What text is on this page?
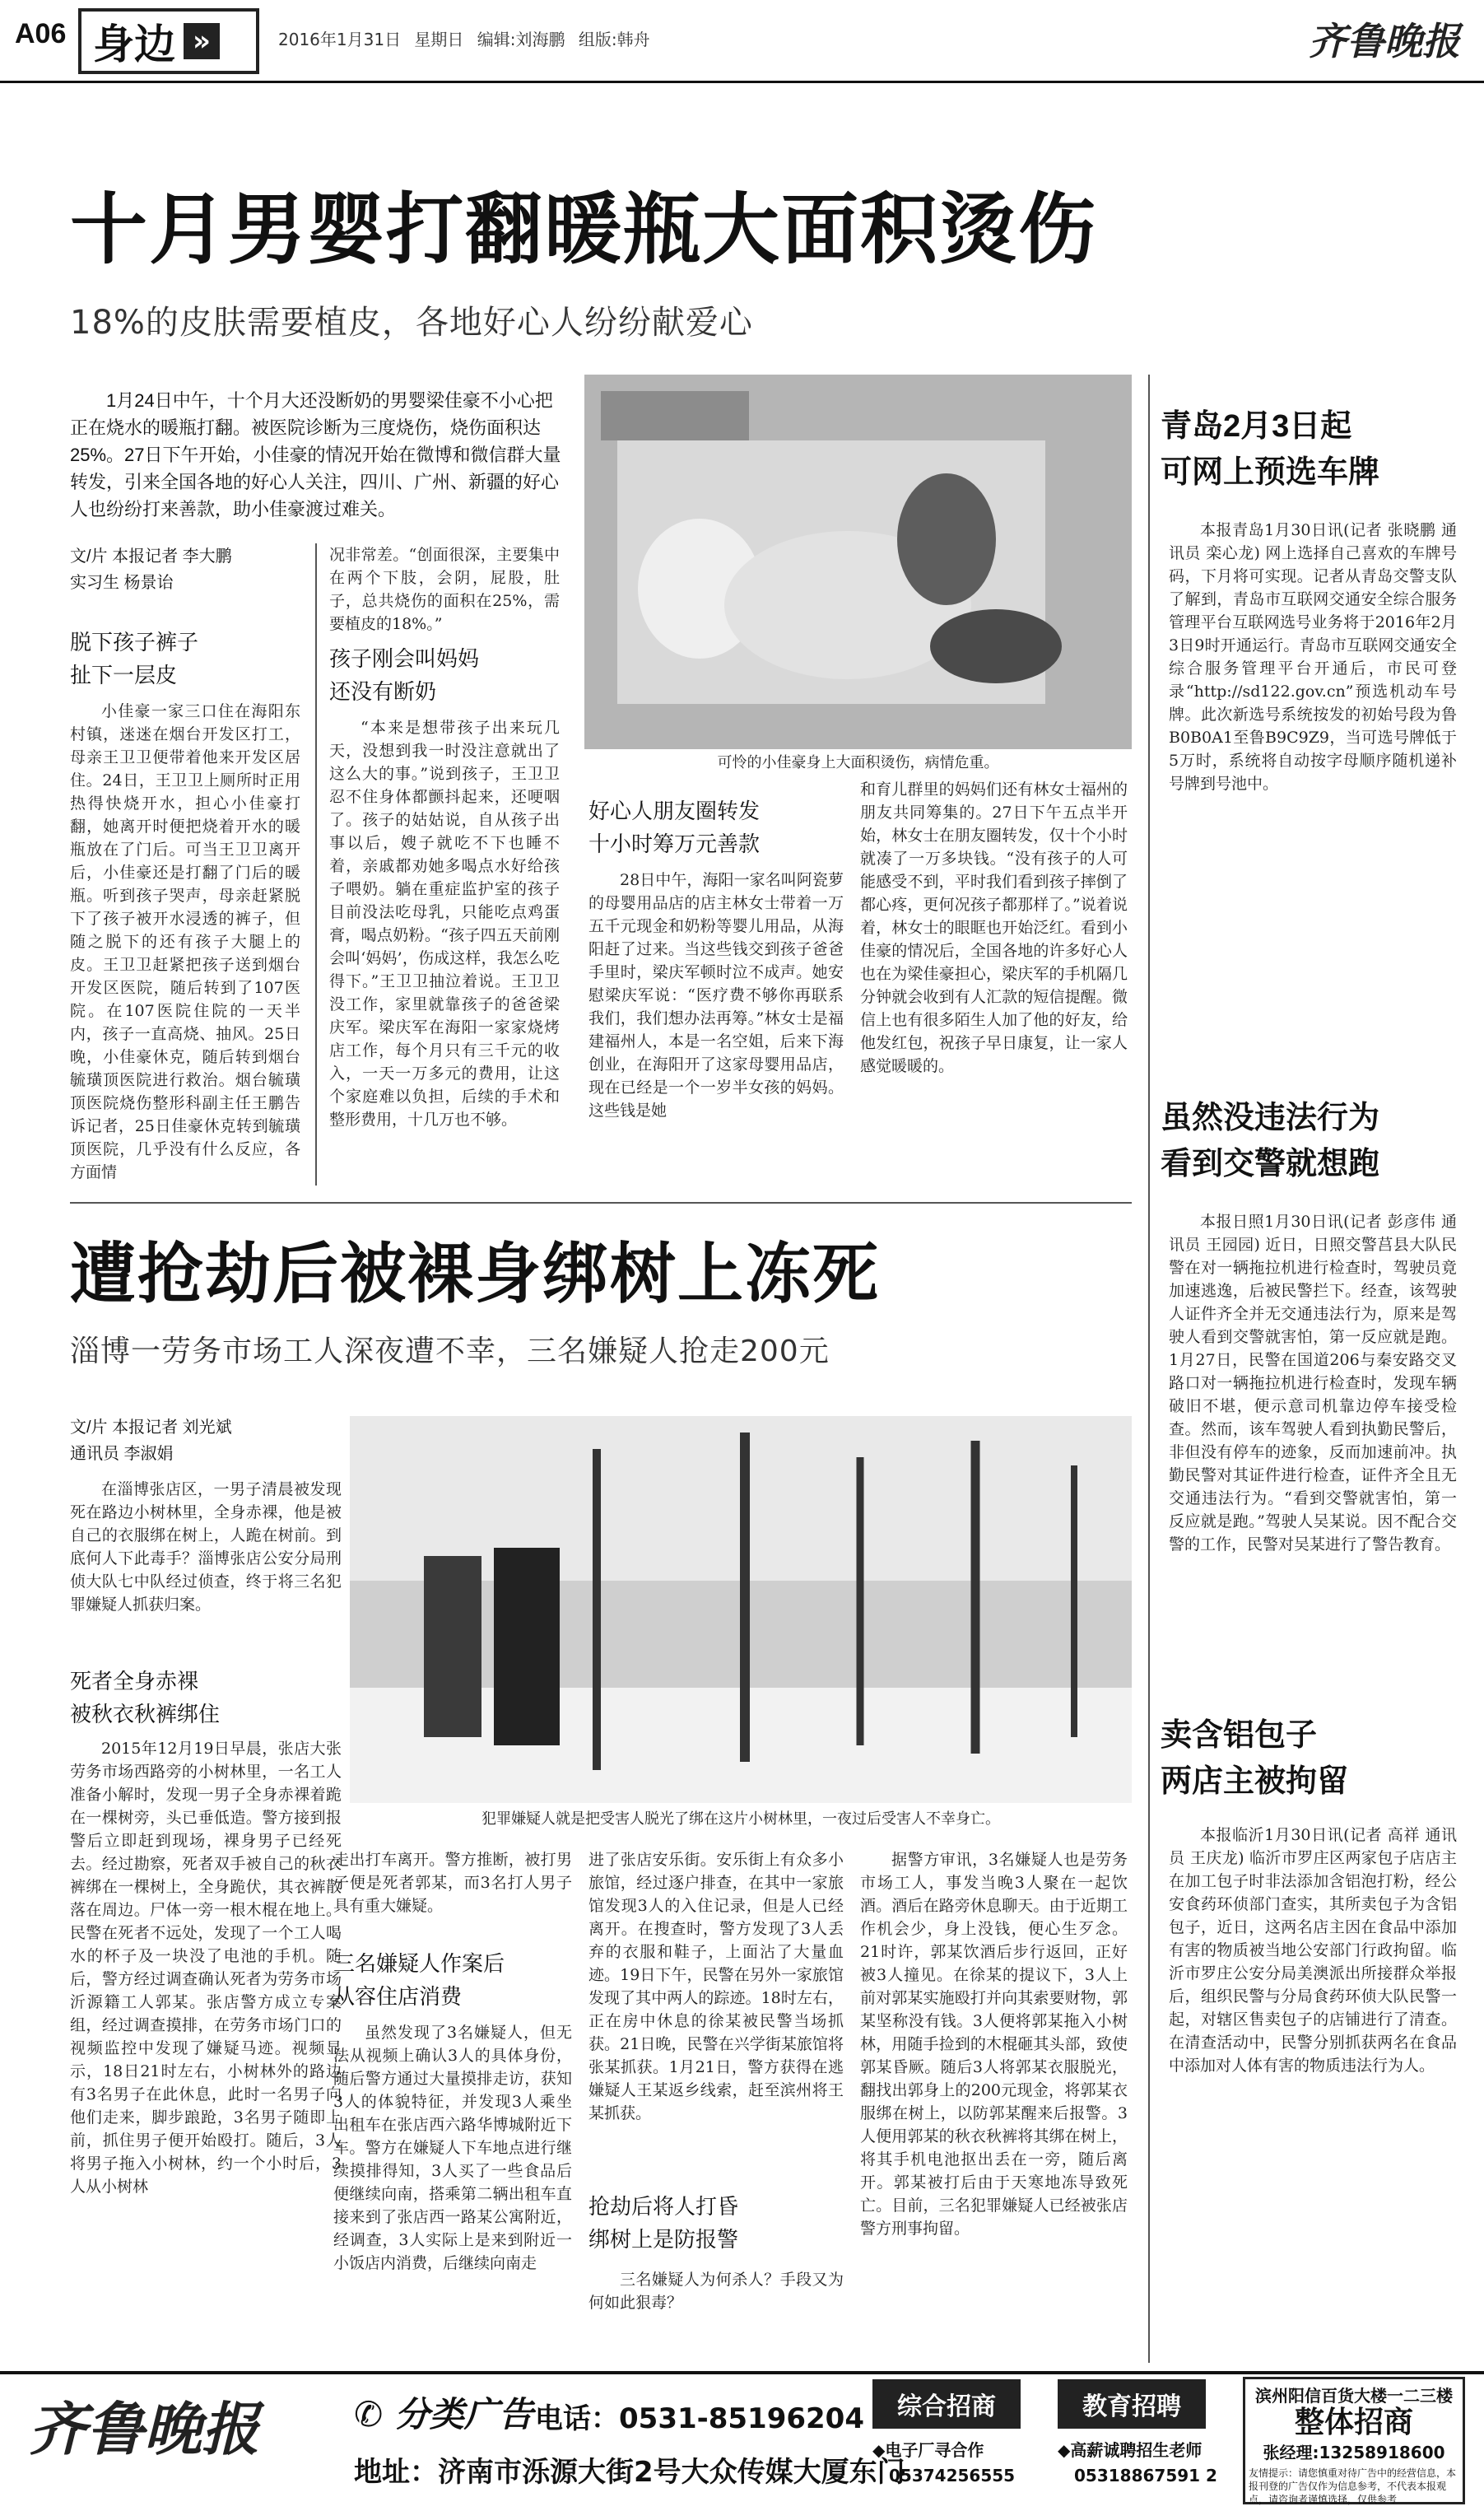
A06 身边 »	2016年1月31日 星期日 编辑:刘海鹏 组版:韩舟	齐鲁晚报
十月男婴打翻暖瓶大面积烫伤
18%的皮肤需要植皮，各地好心人纷纷献爱心
1月24日中午，十个月大还没断奶的男婴梁佳豪不小心把正在烧水的暖瓶打翻。被医院诊断为三度烧伤，烧伤面积达25%。27日下午开始，小佳豪的情况开始在微博和微信群大量转发，引来全国各地的好心人关注，四川、广州、新疆的好心人也纷纷打来善款，助小佳豪渡过难关。
可怜的小佳豪身上大面积烫伤，病情危重。
文/片 本报记者 李大鹏
实习生 杨景诒
脱下孩子裤子
扯下一层皮

小佳豪一家三口住在海阳东村镇，迷迷在烟台开发区打工，母亲王卫卫便带着他来开发区居住。24日，王卫卫上厕所时正用热得快烧开水，担心小佳豪打翻，她离开时便把烧着开水的暖瓶放在了门后。可当王卫卫离开后，小佳豪还是打翻了门后的暖瓶。听到孩子哭声，母亲赶紧脱下了孩子被开水浸透的裤子，但随之脱下的还有孩子大腿上的皮。王卫卫赶紧把孩子送到烟台开发区医院，随后转到了107医院。在107医院住院的一天半内，孩子一直高烧、抽风。25日晚，小佳豪休克，随后转到烟台毓璜顶医院进行救治。烟台毓璜顶医院烧伤整形科副主任王鹏告诉记者，25日佳豪休克转到毓璜顶医院，几乎没有什么反应，各方面情

况非常差。“创面很深，主要集中在两个下肢，会阴，屁股，肚子，总共烧伤的面积在25%，需要植皮的18%。”

孩子刚会叫妈妈
还没有断奶

“本来是想带孩子出来玩几天，没想到我一时没注意就出了这么大的事。”说到孩子，王卫卫忍不住身体都颤抖起来，还哽咽了。孩子的姑姑说，自从孩子出事以后，嫂子就吃不下也睡不着，亲戚都劝她多喝点水好给孩子喂奶。躺在重症监护室的孩子目前没法吃母乳，只能吃点鸡蛋膏，喝点奶粉。“孩子四五天前刚会叫‘妈妈’，伤成这样，我怎么吃得下。”王卫卫抽泣着说。王卫卫没工作，家里就靠孩子的爸爸梁庆军。梁庆军在海阳一家家烧烤店工作，每个月只有三千元的收入，一天一万多元的费用，让这个家庭难以负担，后续的手术和整形费用，十几万也不够。

好心人朋友圈转发
十小时筹万元善款

28日中午，海阳一家名叫阿瓷萝的母婴用品店的店主林女士带着一万五千元现金和奶粉等婴儿用品，从海阳赶了过来。当这些钱交到孩子爸爸手里时，梁庆军顿时泣不成声。她安慰梁庆军说：“医疗费不够你再联系我们，我们想办法再筹。”林女士是福建福州人，本是一名空姐，后来下海创业，在海阳开了这家母婴用品店，现在已经是一个一岁半女孩的妈妈。这些钱是她

和育儿群里的妈妈们还有林女士福州的朋友共同筹集的。27日下午五点半开始，林女士在朋友圈转发，仅十个小时就凑了一万多块钱。“没有孩子的人可能感受不到，平时我们看到孩子摔倒了都心疼，更何况孩子都那样了。”说着说着，林女士的眼眶也开始泛红。看到小佳豪的情况后，全国各地的许多好心人也在为梁佳豪担心，梁庆军的手机隔几分钟就会收到有人汇款的短信提醒。微信上也有很多陌生人加了他的好友，给他发红包，祝孩子早日康复，让一家人感觉暖暖的。

遭抢劫后被裸身绑树上冻死
淄博一劳务市场工人深夜遭不幸，三名嫌疑人抢走200元
文/片 本报记者 刘光斌
通讯员 李淑娟

在淄博张店区，一男子清晨被发现死在路边小树林里，全身赤裸，他是被自己的衣服绑在树上，人跪在树前。到底何人下此毒手？淄博张店公安分局刑侦大队七中队经过侦查，终于将三名犯罪嫌疑人抓获归案。

死者全身赤裸
被秋衣秋裤绑住

2015年12月19日早晨，张店大张劳务市场西路旁的小树林里，一名工人准备小解时，发现一男子全身赤裸着跪在一棵树旁，头已垂低造。警方接到报警后立即赶到现场，裸身男子已经死去。经过勘察，死者双手被自己的秋衣裤绑在一棵树上，全身跪伏，其衣裤散落在周边。尸体一旁一根木棍在地上。民警在死者不远处，发现了一个工人喝水的杯子及一块没了电池的手机。随后，警方经过调查确认死者为劳务市场沂源籍工人郭某。张店警方成立专案组，经过调查摸排，在劳务市场门口的视频监控中发现了嫌疑马迹。视频显示，18日21时左右，小树林外的路边有3名男子在此休息，此时一名男子向他们走来，脚步踉跄，3名男子随即上前，抓住男子便开始殴打。随后，3人将男子拖入小树林，约一个小时后，3人从小树林

犯罪嫌疑人就是把受害人脱光了绑在这片小树林里，一夜过后受害人不幸身亡。

走出打车离开。警方推断，被打男子便是死者郭某，而3名打人男子具有重大嫌疑。

三名嫌疑人作案后
从容住店消费

虽然发现了3名嫌疑人，但无法从视频上确认3人的具体身份，随后警方通过大量摸排走访，获知3人的体貌特征，并发现3人乘坐出租车在张店西六路华博城附近下车。警方在嫌疑人下车地点进行继续摸排得知，3人买了一些食品后便继续向南，搭乘第二辆出租车直接来到了张店西一路某公寓附近，经调查，3人实际上是来到附近一小饭店内消费，后继续向南走

进了张店安乐街。安乐街上有众多小旅馆，经过逐户排查，在其中一家旅馆发现3人的入住记录，但是人已经离开。在搜查时，警方发现了3人丢弃的衣服和鞋子，上面沾了大量血迹。19日下午，民警在另外一家旅馆发现了其中两人的踪迹。18时左右，正在房中休息的徐某被民警当场抓获。21日晚，民警在兴学街某旅馆将张某抓获。1月21日，警方获得在逃嫌疑人王某返乡线索，赶至滨州将王某抓获。

抢劫后将人打昏
绑树上是防报警

三名嫌疑人为何杀人？手段又为何如此狠毒？

据警方审讯，3名嫌疑人也是劳务市场工人，事发当晚3人聚在一起饮酒。酒后在路旁休息聊天。由于近期工作机会少，身上没钱，便心生歹念。21时许，郭某饮酒后步行返回，正好被3人撞见。在徐某的提议下，3人上前对郭某实施殴打并向其索要财物，郭某坚称没有钱。3人便将郭某拖入小树林，用随手捡到的木棍砸其头部，致使郭某昏厥。随后3人将郭某衣服脱光，翻找出郭身上的200元现金，将郭某衣服绑在树上，以防郭某醒来后报警。3人便用郭某的秋衣秋裤将其绑在树上，将其手机电池抠出丢在一旁，随后离开。郭某被打后由于天寒地冻导致死亡。目前，三名犯罪嫌疑人已经被张店警方刑事拘留。

青岛2月3日起
可网上预选车牌

本报青岛1月30日讯(记者 张晓鹏 通讯员 栾心龙) 网上选择自己喜欢的车牌号码，下月将可实现。记者从青岛交警支队了解到，青岛市互联网交通安全综合服务管理平台互联网选号业务将于2016年2月3日9时开通运行。青岛市互联网交通安全综合服务管理平台开通后，市民可登录“http://sd122.gov.cn”预选机动车号牌。此次新选号系统按发的初始号段为鲁B0B0A1至鲁B9C9Z9，当可选号牌低于5万时，系统将自动按字母顺序随机递补号牌到号池中。

虽然没违法行为
看到交警就想跑

本报日照1月30日讯(记者 彭彦伟 通讯员 王园园) 近日，日照交警莒县大队民警在对一辆拖拉机进行检查时，驾驶员竟加速逃逸，后被民警拦下。经查，该驾驶人证件齐全并无交通违法行为，原来是驾驶人看到交警就害怕，第一反应就是跑。1月27日，民警在国道206与秦安路交叉路口对一辆拖拉机进行检查时，发现车辆破旧不堪，便示意司机靠边停车接受检查。然而，该车驾驶人看到执勤民警后，非但没有停车的迹象，反而加速前冲。执勤民警对其证件进行检查，证件齐全且无交通违法行为。“看到交警就害怕，第一反应就是跑。”驾驶人吴某说。因不配合交警的工作，民警对吴某进行了警告教育。

卖含铝包子
两店主被拘留

本报临沂1月30日讯(记者 高祥 通讯员 王庆龙) 临沂市罗庄区两家包子店店主在加工包子时非法添加含铝泡打粉，经公安食药环侦部门查实，其所卖包子为含铝包子，近日，这两名店主因在食品中添加有害的物质被当地公安部门行政拘留。临沂市罗庄公安分局美澳派出所接群众举报后，组织民警与分局食药环侦大队民警一起，对辖区售卖包子的店铺进行了清查。在清查活动中，民警分别抓获两名在食品中添加对人体有害的物质违法行为人。

齐鲁晚报	✆ 分类广告 电话：0531-85196204
地址：济南市泺源大街2号大众传媒大厦东门
综合招商
◆电子厂寻合作
05374256555
教育招聘
◆高薪诚聘招生老师
05318867591 2
滨州阳信百货大楼一二三楼
整体招商
张经理:13258918600
友情提示：请您慎重对待广告中的经营信息，本报刊登的广告仅作为信息参考，不代表本报观点，请咨询者谨慎选择，仅供参考
